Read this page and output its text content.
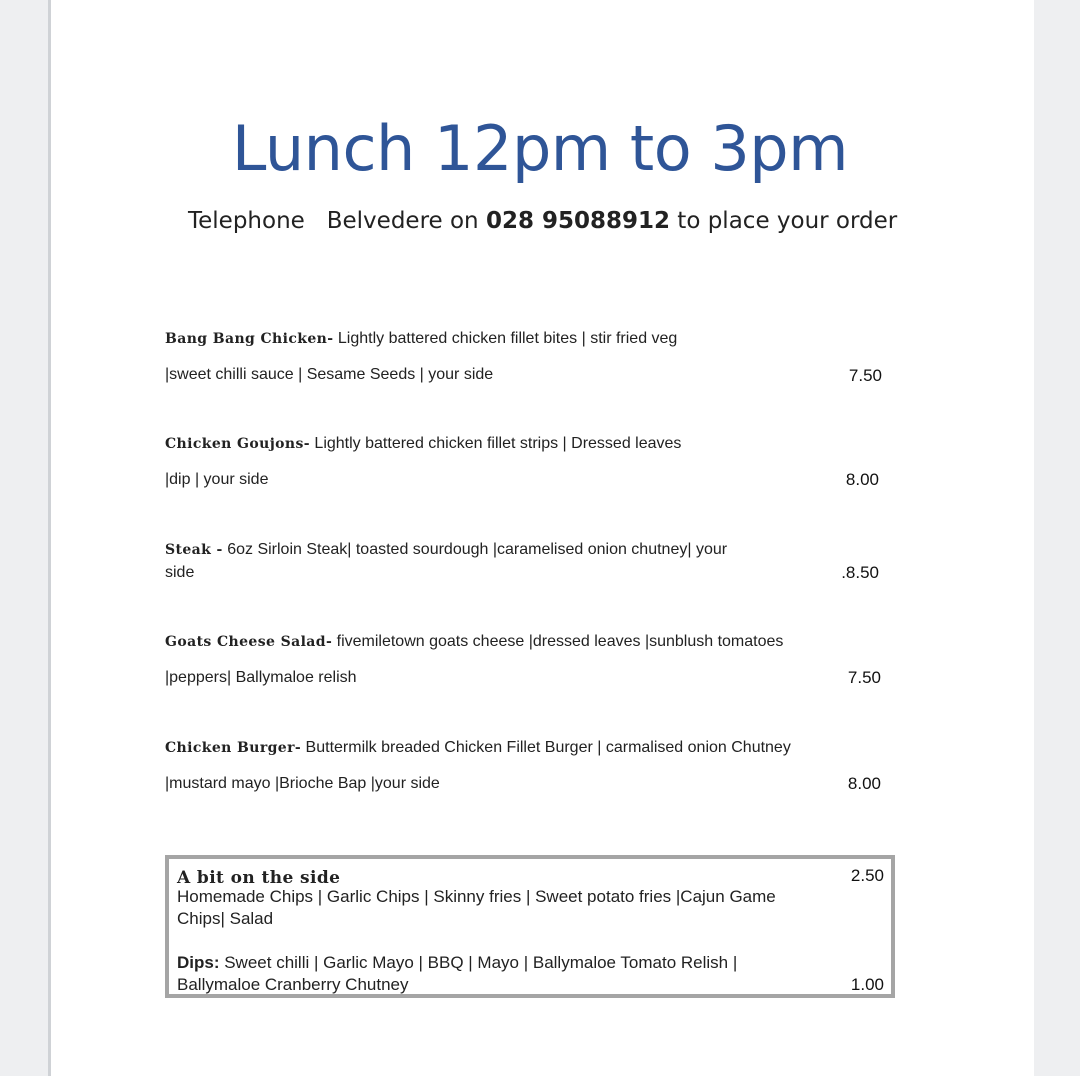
Lunch 12pm to 3pm
Telephone   Belvedere on 028 95088912 to place your order
Bang Bang Chicken- Lightly battered chicken fillet bites | stir fried veg
|sweet chilli sauce | Sesame Seeds | your side	7.50
Chicken Goujons- Lightly battered chicken fillet strips | Dressed leaves
|dip | your side	8.00
Steak - 6oz Sirloin Steak| toasted sourdough |caramelised onion chutney| your
side	.8.50
Goats Cheese Salad- fivemiletown goats cheese |dressed leaves |sunblush tomatoes
|peppers| Ballymaloe relish	7.50
Chicken Burger- Buttermilk breaded Chicken Fillet Burger | carmalised onion Chutney
|mustard mayo |Brioche Bap |your side	8.00
A bit on the side	2.50
Homemade Chips | Garlic Chips | Skinny fries | Sweet potato fries |Cajun Game
Chips| Salad
Dips: Sweet chilli | Garlic Mayo | BBQ | Mayo | Ballymaloe Tomato Relish |
Ballymaloe Cranberry Chutney	1.00
